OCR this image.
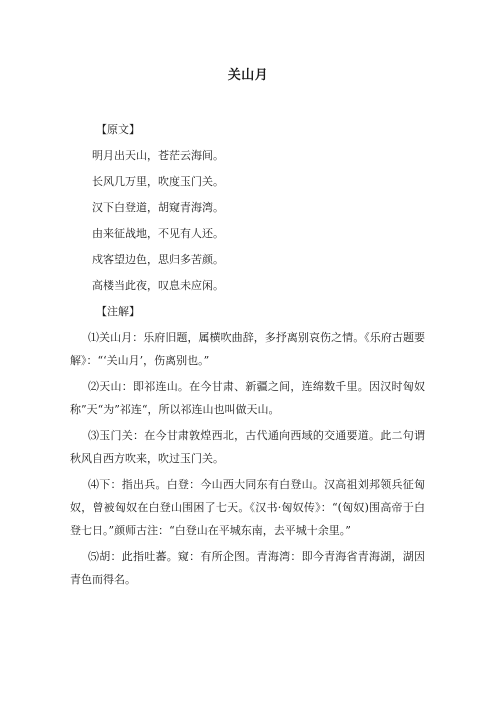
关山月
【原文】
明月出天山，苍茫云海间。
长风几万里，吹度玉门关。
汉下白登道，胡窥青海湾。
由来征战地，不见有人还。
戍客望边色，思归多苦颜。
高楼当此夜，叹息未应闲。
【注解】
⑴关山月：乐府旧题，属横吹曲辞，多抒离别哀伤之情。《乐府古题要解》：“‘关山月’，伤离别也。”
⑵天山：即祁连山。在今甘肃、新疆之间，连绵数千里。因汉时匈奴称”天“为”祁连“，所以祁连山也叫做天山。
⑶玉门关：在今甘肃敦煌西北，古代通向西域的交通要道。此二句谓秋风自西方吹来，吹过玉门关。
⑷下：指出兵。白登：今山西大同东有白登山。汉高祖刘邦领兵征匈奴，曾被匈奴在白登山围困了七天。《汉书·匈奴传》：“(匈奴)围高帝于白登七日。”颜师古注：“白登山在平城东南，去平城十余里。”
⑸胡：此指吐蕃。窥：有所企图。青海湾：即今青海省青海湖，湖因青色而得名。
